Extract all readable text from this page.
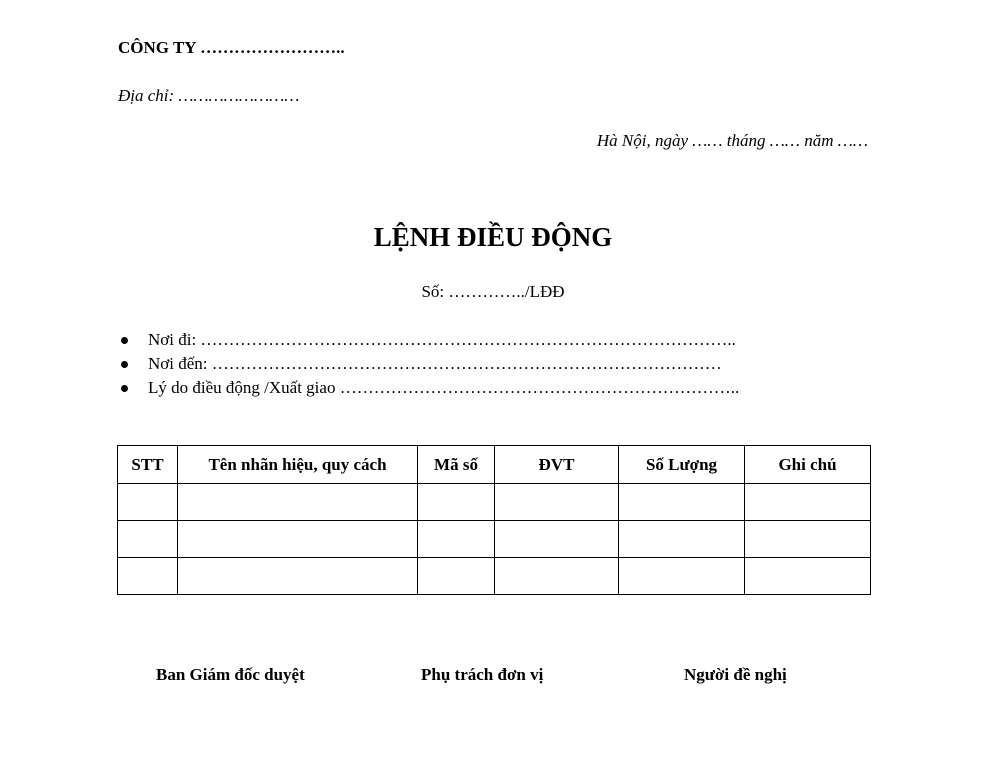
CÔNG TY ……………………..
Địa chỉ: ……………………
Hà Nội, ngày …… tháng …… năm ……
LỆNH ĐIỀU ĐỘNG
Số: …………../LĐĐ
Nơi đi: …………………………………………………………………………………..
Nơi đến: ………………………………………………………………………………
Lý do điều động /Xuất giao ……………………………………………………………..
STT	Tên nhãn hiệu, quy cách	Mã số	ĐVT	Số Lượng	Ghi chú

Ban Giám đốc duyệt	Phụ trách đơn vị	Người đề nghị
